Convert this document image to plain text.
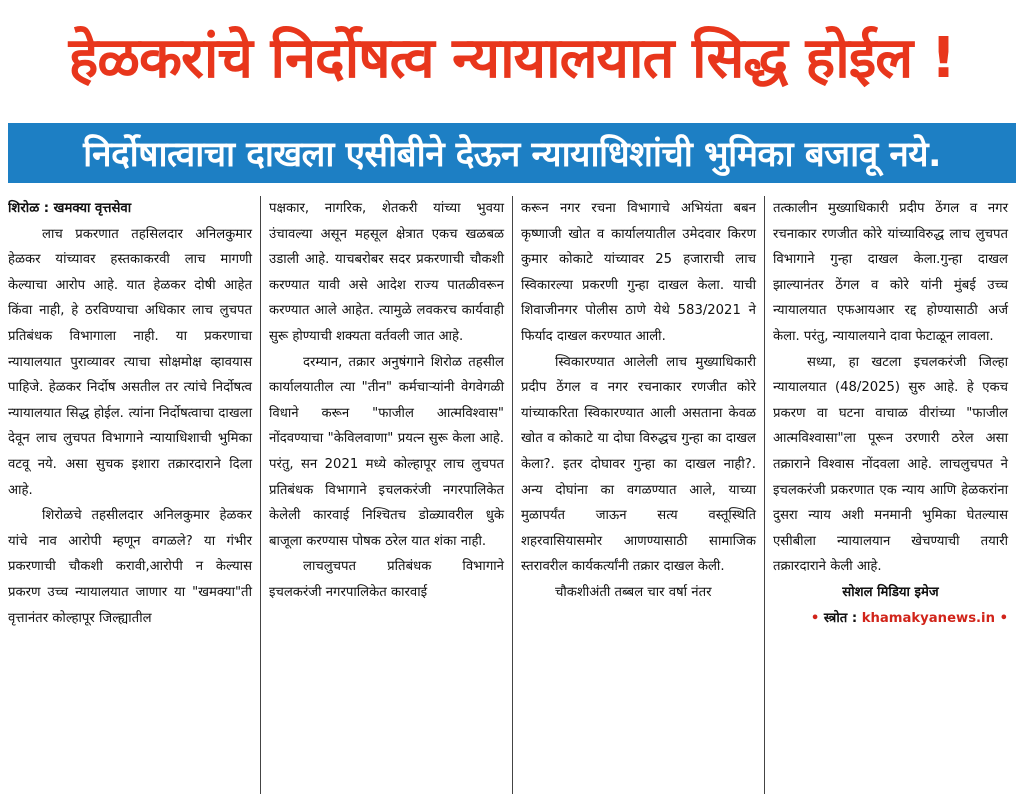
हेळकरांचे निर्दोषत्व न्यायालयात सिद्ध होईल !
निर्दोषात्वाचा दाखला एसीबीने देऊन न्यायाधिशांची भुमिका बजावू नये.

शिरोळ : खमक्या वृत्तसेवा

लाच प्रकरणात तहसिलदार अनिलकुमार हेळकर यांच्यावर हस्तकाकरवी लाच मागणी केल्याचा आरोप आहे. यात हेळकर दोषी आहेत किंवा नाही, हे ठरविण्याचा अधिकार लाच लुचपत प्रतिबंधक विभागाला नाही. या प्रकरणाचा न्यायालयात पुराव्यावर त्याचा सोक्षमोक्ष व्हावयास पाहिजे. हेळकर निर्दोष असतील तर त्यांचे निर्दोषत्व न्यायालयात सिद्ध होईल. त्यांना निर्दोषत्वाचा दाखला देवून लाच लुचपत विभागाने न्यायाधिशाची भुमिका वटवू नये. असा सुचक इशारा तक्रारदाराने दिला आहे.

शिरोळचे तहसीलदार अनिलकुमार हेळकर यांचे नाव आरोपी म्हणून वगळले? या गंभीर प्रकरणाची चौकशी करावी,आरोपी न केल्यास प्रकरण उच्च न्यायालयात जाणार या "खमक्या"ती वृत्तानंतर कोल्हापूर जिल्ह्यातील

पक्षकार, नागरिक, शेतकरी यांच्या भुवया उंचावल्या असून महसूल क्षेत्रात एकच खळबळ उडाली आहे. याचबरोबर सदर प्रकरणाची चौकशी करण्यात यावी असे आदेश राज्य पातळीवरून करण्यात आले आहेत. त्यामुळे लवकरच कार्यवाही सुरू होण्याची शक्यता वर्तवली जात आहे.

दरम्यान, तक्रार अनुषंगाने शिरोळ तहसील कार्यालयातील त्या "तीन" कर्मचाऱ्यांनी वेगवेगळी विधाने करून "फाजील आत्मविश्वास" नोंदवण्याचा "केविलवाणा" प्रयत्न सुरू केला आहे. परंतु, सन 2021 मध्ये कोल्हापूर लाच लुचपत प्रतिबंधक विभागाने इचलकरंजी नगरपालिकेत केलेली कारवाई निश्चितच डोळ्यावरील धुके बाजूला करण्यास पोषक ठरेल यात शंका नाही.

लाचलुचपत प्रतिबंधक विभागाने इचलकरंजी नगरपालिकेत कारवाई

करून नगर रचना विभागाचे अभियंता बबन कृष्णाजी खोत व कार्यालयातील उमेदवार किरण कुमार कोकाटे यांच्यावर 25 हजाराची लाच स्विकारल्या प्रकरणी गुन्हा दाखल केला. याची शिवाजीनगर पोलीस ठाणे येथे 583/2021 ने फिर्याद दाखल करण्यात आली.

स्विकारण्यात आलेली लाच मुख्याधिकारी प्रदीप ठेंगल व नगर रचनाकार रणजीत कोरे यांच्याकरिता स्विकारण्यात आली असताना केवळ खोत व कोकाटे या दोघा विरुद्धच गुन्हा का दाखल केला?. इतर दोघावर गुन्हा का दाखल नाही?. अन्य दोघांना का वगळण्यात आले, याच्या मुळापर्यंत जाऊन सत्य वस्तूस्थिति शहरवासियासमोर आणण्यासाठी सामाजिक स्तरावरील कार्यकर्त्यांनी तक्रार दाखल केली.

चौकशीअंती तब्बल चार वर्षा नंतर

तत्कालीन मुख्याधिकारी प्रदीप ठेंगल व नगर रचनाकार रणजीत कोरे यांच्याविरुद्ध लाच लुचपत विभागाने गुन्हा दाखल केला.गुन्हा दाखल झाल्यानंतर ठेंगल व कोरे यांनी मुंबई उच्च न्यायालयात एफआयआर रद्द होण्यासाठी अर्ज केला. परंतु, न्यायालयाने दावा फेटाळून लावला.

सध्या, हा खटला इचलकरंजी जिल्हा न्यायालयात (48/2025) सुरु आहे. हे एकच प्रकरण वा घटना वाचाळ वीरांच्या "फाजील आत्मविश्वासा"ला पूरून उरणारी ठरेल असा तक्राराने विश्वास नोंदवला आहे. लाचलुचपत ने इचलकरंजी प्रकरणात एक न्याय आणि हेळकरांना दुसरा न्याय अशी मनमानी भुमिका घेतल्यास एसीबीला न्यायालयान खेचण्याची तयारी तक्रारदाराने केली आहे.

सोशल मिडिया इमेज

• स्त्रोत : khamakyanews.in •
